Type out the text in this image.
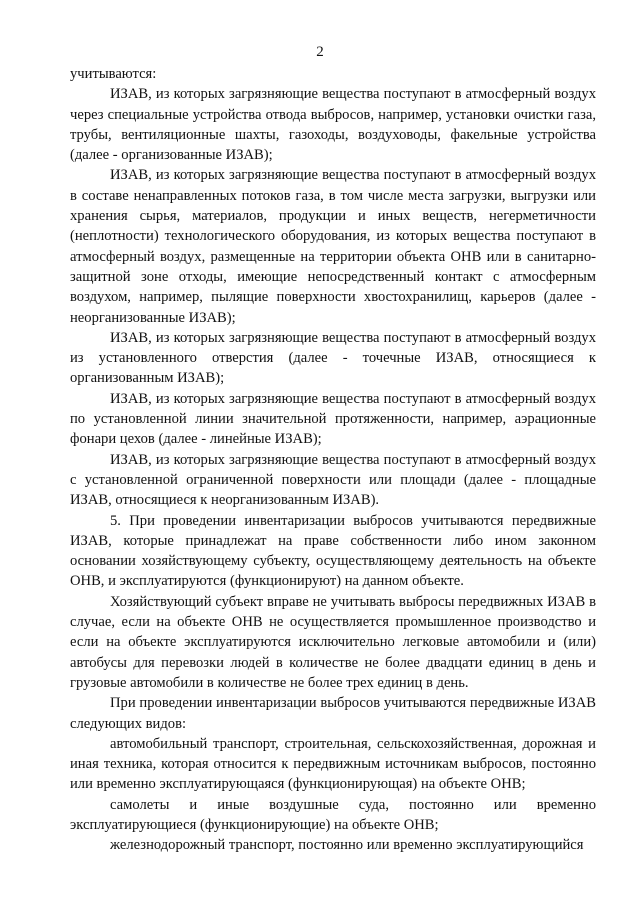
2

учитываются:

ИЗАВ, из которых загрязняющие вещества поступают в атмосферный воздух через специальные устройства отвода выбросов, например, установки очистки газа, трубы, вентиляционные шахты, газоходы, воздуховоды, факельные устройства (далее - организованные ИЗАВ);

ИЗАВ, из которых загрязняющие вещества поступают в атмосферный воздух в составе ненаправленных потоков газа, в том числе места загрузки, выгрузки или хранения сырья, материалов, продукции и иных веществ, негерметичности (неплотности) технологического оборудования, из которых вещества поступают в атмосферный воздух, размещенные на территории объекта ОНВ или в санитарно-защитной зоне отходы, имеющие непосредственный контакт с атмосферным воздухом, например, пылящие поверхности хвостохранилищ, карьеров (далее - неорганизованные ИЗАВ);

ИЗАВ, из которых загрязняющие вещества поступают в атмосферный воздух из установленного отверстия (далее - точечные ИЗАВ, относящиеся к организованным ИЗАВ);

ИЗАВ, из которых загрязняющие вещества поступают в атмосферный воздух по установленной линии значительной протяженности, например, аэрационные фонари цехов (далее - линейные ИЗАВ);

ИЗАВ, из которых загрязняющие вещества поступают в атмосферный воздух с установленной ограниченной поверхности или площади (далее - площадные ИЗАВ, относящиеся к неорганизованным ИЗАВ).

5. При проведении инвентаризации выбросов учитываются передвижные ИЗАВ, которые принадлежат на праве собственности либо ином законном основании хозяйствующему субъекту, осуществляющему деятельность на объекте ОНВ, и эксплуатируются (функционируют) на данном объекте.

Хозяйствующий субъект вправе не учитывать выбросы передвижных ИЗАВ в случае, если на объекте ОНВ не осуществляется промышленное производство и если на объекте эксплуатируются исключительно легковые автомобили и (или) автобусы для перевозки людей в количестве не более двадцати единиц в день и грузовые автомобили в количестве не более трех единиц в день.

При проведении инвентаризации выбросов учитываются передвижные ИЗАВ следующих видов:

автомобильный транспорт, строительная, сельскохозяйственная, дорожная и иная техника, которая относится к передвижным источникам выбросов, постоянно или временно эксплуатирующаяся (функционирующая) на объекте ОНВ;

самолеты и иные воздушные суда, постоянно или временно эксплуатирующиеся (функционирующие) на объекте ОНВ;

железнодорожный транспорт, постоянно или временно эксплуатирующийся
